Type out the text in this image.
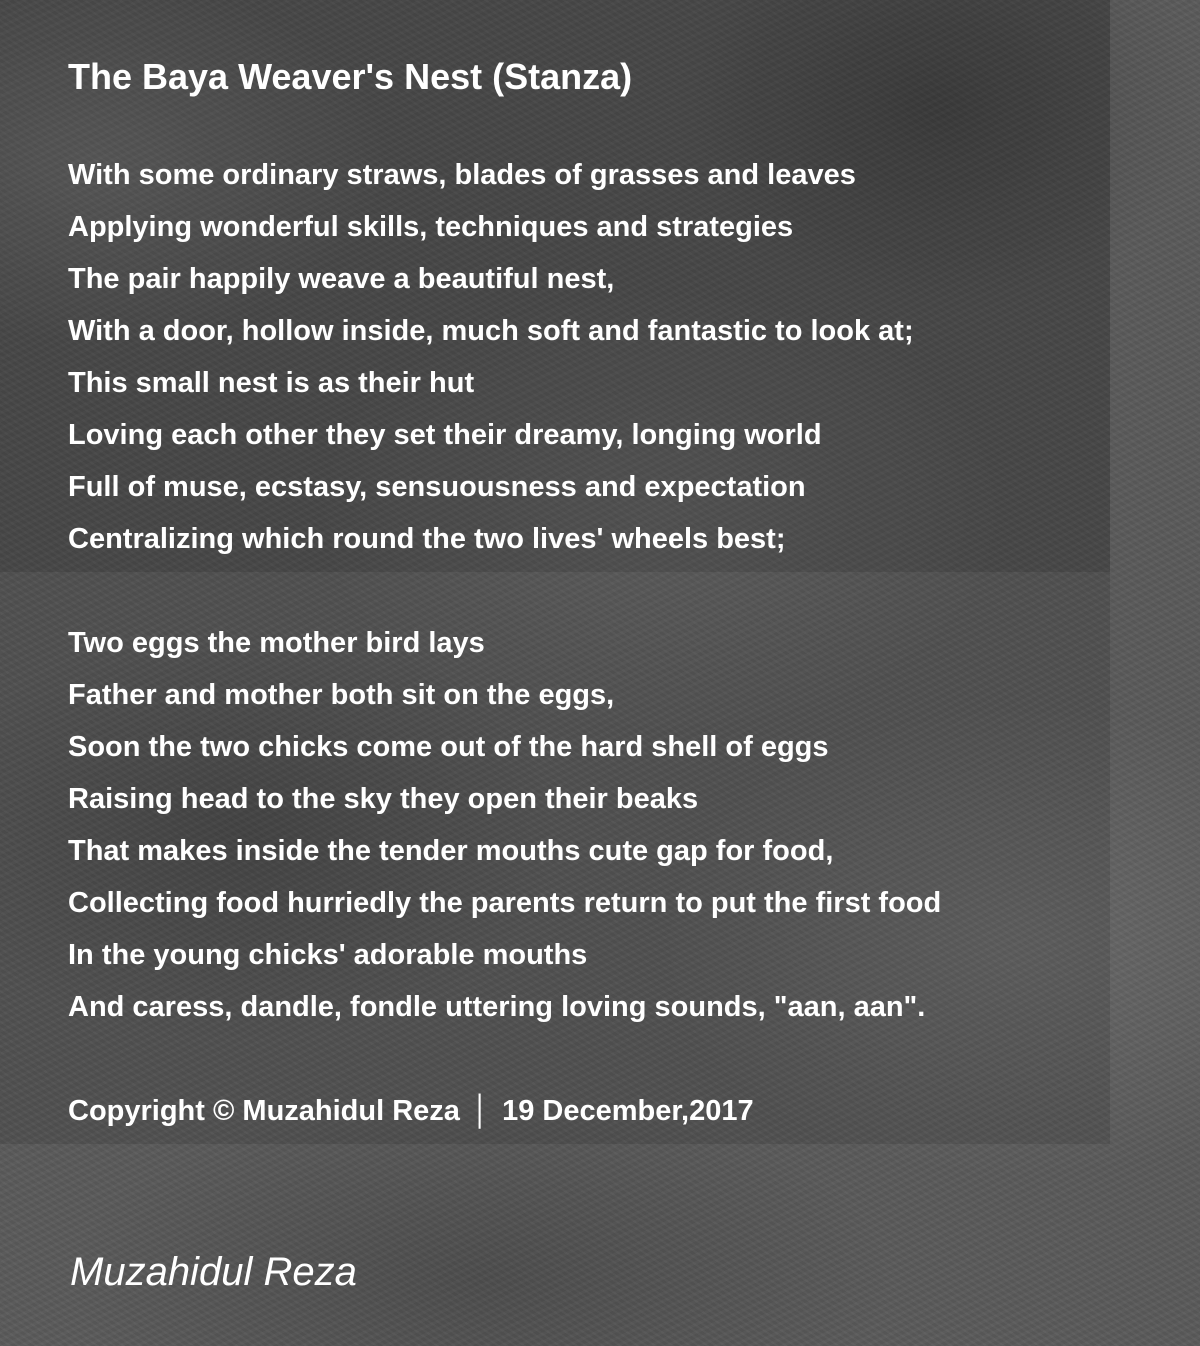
The Baya Weaver's Nest (Stanza)
With some ordinary straws, blades of grasses and leaves
Applying wonderful skills, techniques and strategies
The pair happily weave a beautiful nest,
With a door, hollow inside, much soft and fantastic to look at;
This small nest is as their hut
Loving each other they set their dreamy, longing world
Full of muse, ecstasy, sensuousness and expectation
Centralizing which round the two lives' wheels best;
Two eggs the mother bird lays
Father and mother both sit on the eggs,
Soon the two chicks come out of the hard shell of eggs
Raising head to the sky they open their beaks
That makes inside the tender mouths cute gap for food,
Collecting food hurriedly the parents return to put the first food
In the young chicks' adorable mouths
And caress, dandle, fondle uttering loving sounds, "aan, aan".
Copyright © Muzahidul Reza │ 19 December,2017
Muzahidul Reza
